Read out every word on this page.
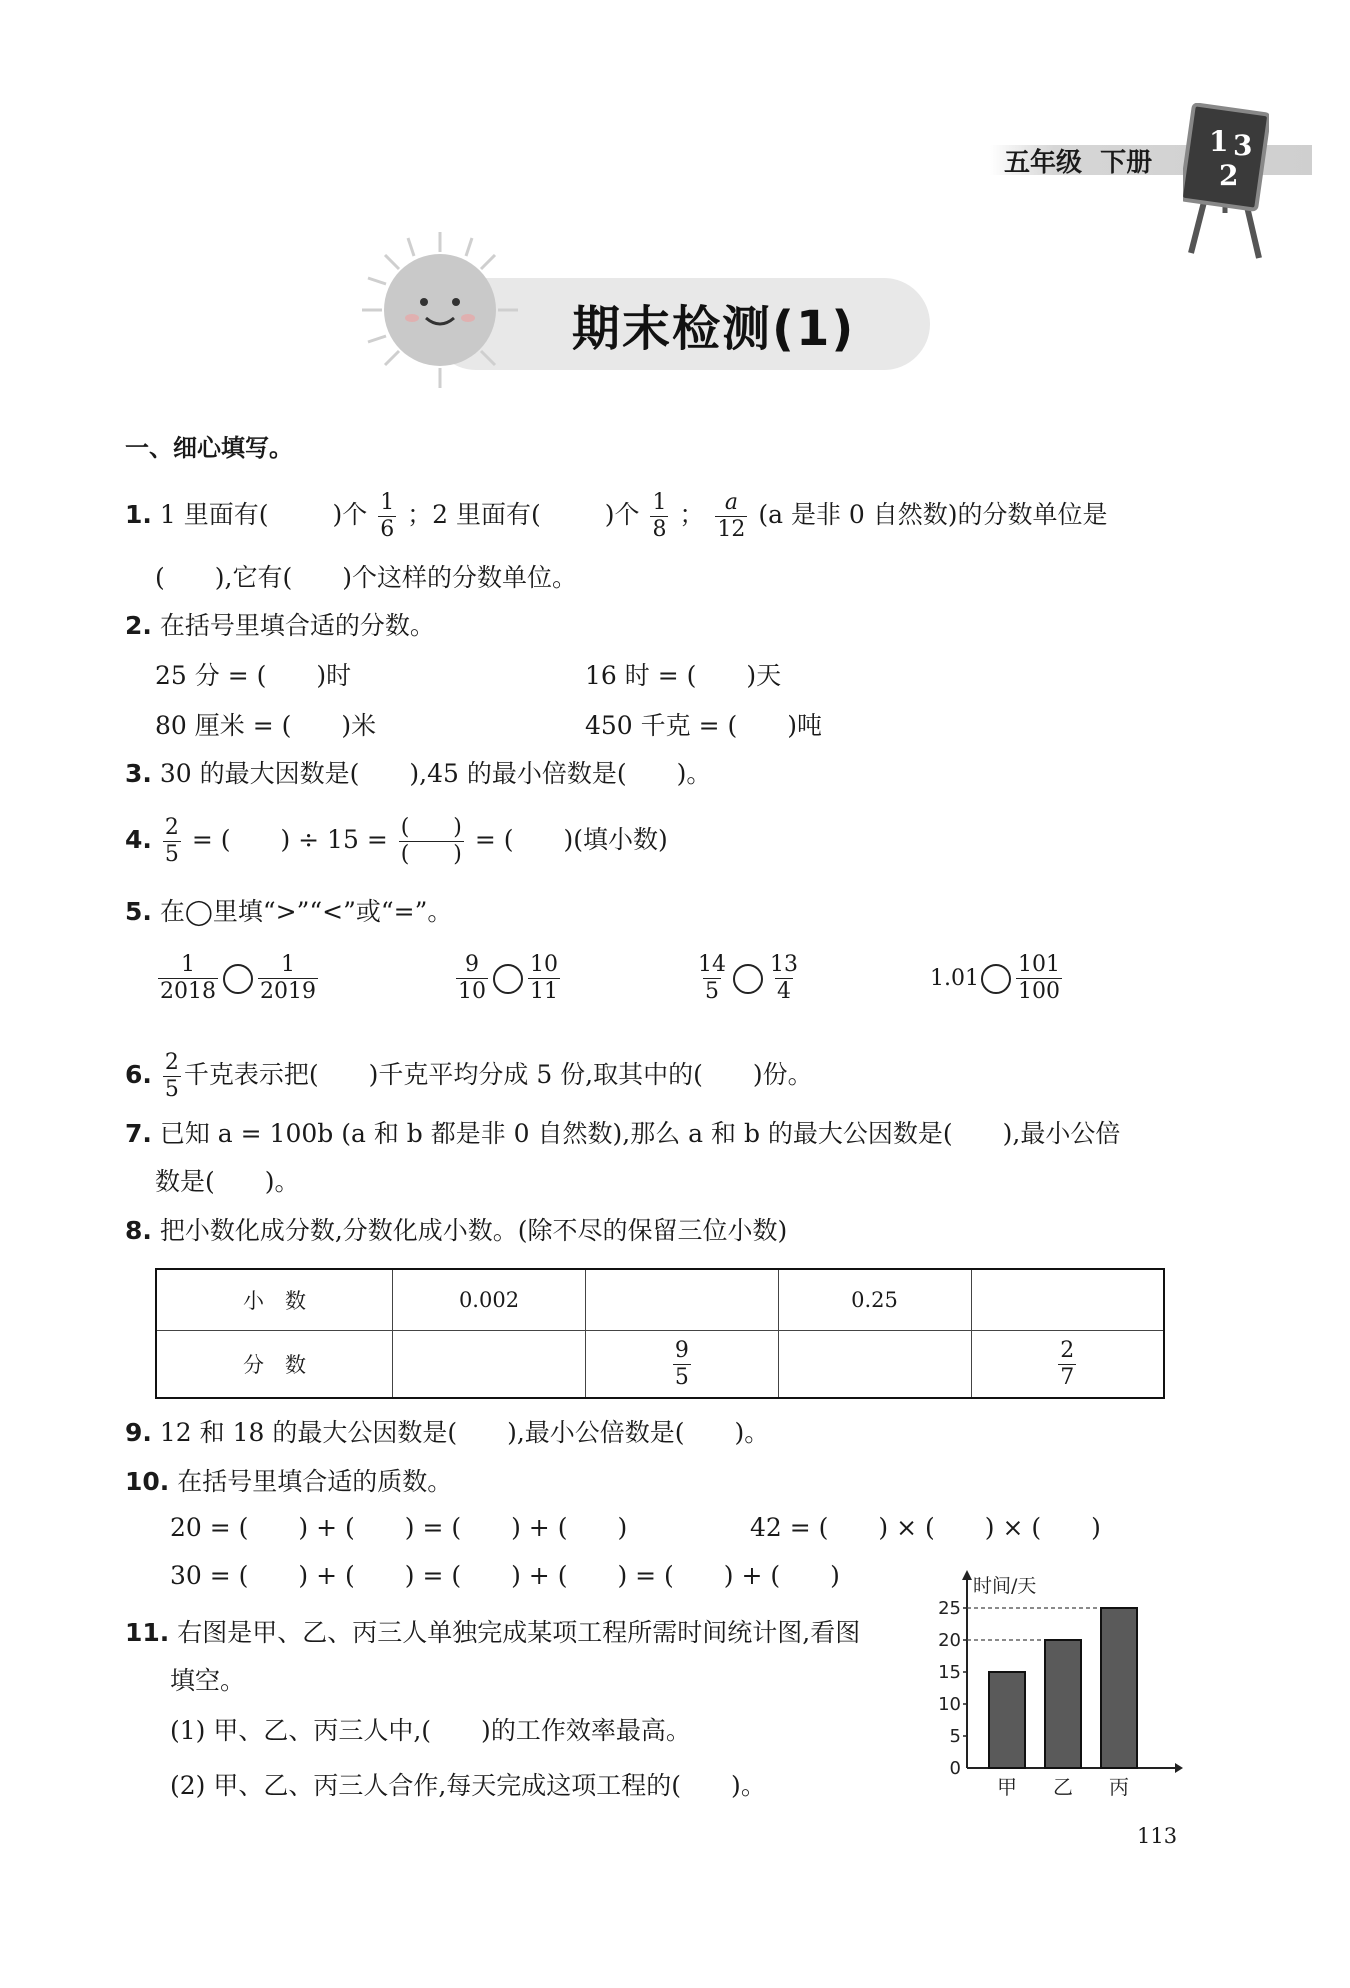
五年级 下册
1 3
2
期末检测(1)
一、细心填写。
1. 1 里面有(	)个 $\frac{1}{6}$ ；2 里面有(	)个 $\frac{1}{8}$ ； $\frac{a}{12} (a$ 是非 0 自然数)的分数单位是
(　　),它有(　　)个这样的分数单位。
2. 在括号里填合适的分数。
25 分 = (　　)时	16 时 = (　　)天
80 厘米 = (　　)米	450 千克 = (　　)吨
3. 30 的最大因数是(　　),45 的最小倍数是(　　)。
4. $\frac{2}{5}$ = (　　) ÷ $15 = \frac{( )}{( )}$ = (　　)(填小数)
5. 在◯里填“>”“<”或“=”。
$\frac{1}{2018} \frac{1}{2019}$	$\frac{9}{10} \frac{10}{11}$	$\frac{14}{5} \frac{13}{4}$	$1.01 \frac{101}{100}$
6. $\frac{2}{5}$ 千克表示把(　　)千克平均分成 5 份,取其中的(　　)份。
7. 已知 a = 100b (a 和 b 都是非 0 自然数),那么 a 和 b 的最大公因数是(　　),最小公倍
数是(　　)。
8. 把小数化成分数,分数化成小数。(除不尽的保留三位小数)
小　数	0.002		0.25	
分　数		$\frac{9}{5}$		$\frac{2}{7}$
9. 12 和 18 的最大公因数是(　　),最小公倍数是(　　)。
10. 在括号里填合适的质数。
20 = (　　) + (　　) = (　　) + (　　)	42 = (　　) × (　　) × (　　)
30 = (　　) + (　　) = (　　) + (　　) = (　　) + (　　)
11. 右图是甲、乙、丙三人单独完成某项工程所需时间统计图,看图
填空。
(1) 甲、乙、丙三人中,(　　)的工作效率最高。
(2) 甲、乙、丙三人合作,每天完成这项工程的(　　)。
时间/天
0
5
10
15
20
25
甲 乙 丙
113
